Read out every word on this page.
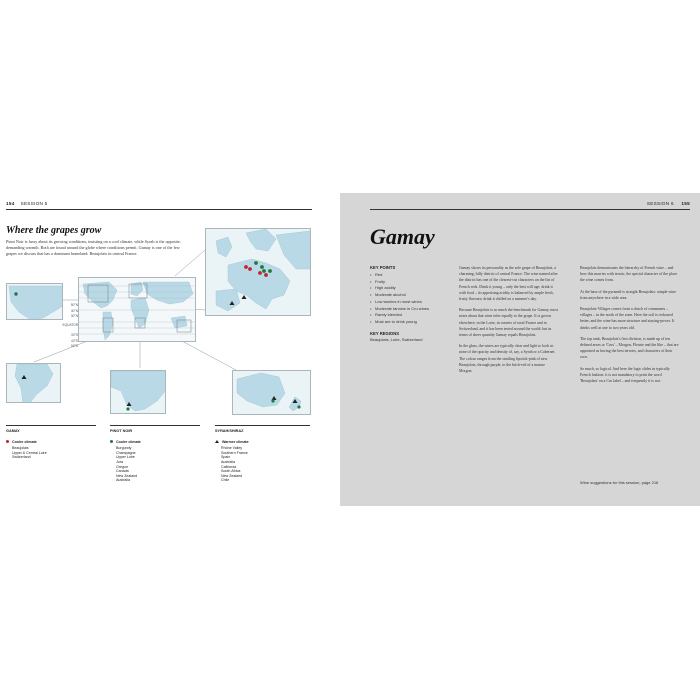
154 SESSION 5
Where the grapes grow
Pinot Noir is fussy about its growing conditions, insisting on a cool climate, while Syrah is the opposite, demanding warmth. Both are found around the globe where conditions permit. Gamay is one of the few grapes we discuss that has a dominant homeland: Beaujolais in central France.
50°N
40°N
30°N
EQUATOR
30°S
40°S
50°S
GAMAY
Cooler climate
Beaujolais
Upper & Central Loire
Switzerland
PINOT NOIR
Cooler climate
Burgundy
Champagne
Upper Loire
Jura
Oregon
Canada
New Zealand
Australia
SYRAH/SHIRAZ
Warmer climate
Rhône Valley
Southern France
Spain
Australia
California
South Africa
New Zealand
Chile
SESSION 6 155
Gamay
KEY POINTS
• Red
• Fruity
• High acidity
• Moderate alcohol
• Low tannins in most wines
• Moderate tannins in Cru wines
• Rarely blended
• Most are to drink young
KEY REGIONS
Beaujolais, Loire, Switzerland

Gamay shows its personality as the sole grape of Beaujolais, a charming, hilly district of central France. The wine named after the district has one of the clearest-cut characters on the list of French reds. Drink it young – only the best will age; drink it with food – its appetising acidity is balanced by ample fresh, fruity flavours; drink it chilled on a summer's day.

Because Beaujolais is so much the benchmark for Gamay, most notes about that wine refer equally to the grape. It is grown elsewhere, in the Loire, in corners of rural France and in Switzerland, and it has been tested around the world; but in terms of sheer quantity Gamay equals Beaujolais.

In the glass, the wines are typically clear and light to look at: none of the opacity and density of, say, a Syrah or a Cabernet. The colour ranges from the startling lipstick-pink of new Beaujolais, through purple, to the brick-red of a mature Morgon.

Beaujolais demonstrates the hierarchy of French wine – and how this marries with terroir, the special character of the place the wine comes from.

At the base of the pyramid is straight Beaujolais: simple wine from anywhere in a wide area.

Beaujolais-Villages comes from a clutch of communes – villages – in the north of the zone. Here the soil is reckoned better, and the wine has more structure and staying-power. It drinks well at one to two years old.

The top rank, Beaujolais's first division, is made up of ten defined areas or 'Crus' – Morgon, Fleurie and the like – that are appraised as having the best terroirs, and characters of their own.

So much, so logical. And here the logic slides in typically French fashion: it is not mandatory to print the word 'Beaujolais' on a Cru label – and frequently it is not.

Wine suggestions for this session, page 216
